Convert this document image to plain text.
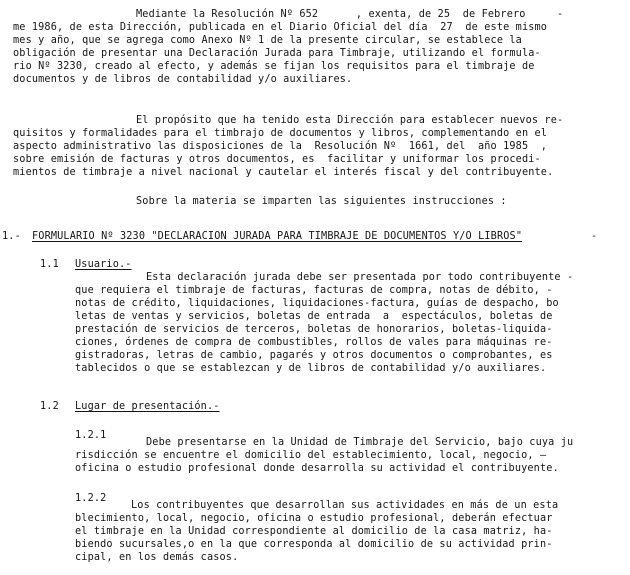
Mediante la Resolución Nº 652      , exenta, de 25  de Febrero     -

me 1986, de esta Dirección, publicada en el Diario Oficial del día  27  de este mismo

mes y año, que se agrega como Anexo Nº 1 de la presente circular, se establece la

obligación de presentar una Declaración Jurada para Timbraje, utilizando el formula-

rio Nº 3230, creado al efecto, y además se fijan los requisitos para el timbraje de

documentos y de libros de contabilidad y/o auxiliares.

El propósito que ha tenido esta Dirección para establecer nuevos re-

quisitos y formalidades para el timbrajo de documentos y libros, complementando en el

aspecto administrativo las disposiciones de la  Resolución Nº  1661, del  año 1985  ,

sobre emisión de facturas y otros documentos, es  facilitar y uniformar los procedi-

mientos de timbraje a nivel nacional y cautelar el interés fiscal y del contribuyente.

Sobre la materia se imparten las siguientes instrucciones :

1.- FORMULARIO Nº 3230 "DECLARACION JURADA PARA TIMBRAJE DE DOCUMENTOS Y/O LIBROS"	-
1.1 Usuario.-

Esta declaración jurada debe ser presentada por todo contribuyente -

que requiera el timbraje de facturas, facturas de compra, notas de débito, -

notas de crédito, liquidaciones, liquidaciones-factura, guías de despacho, bo

letas de ventas y servicios, boletas de entrada  a  espectáculos, boletas de

prestación de servicios de terceros, boletas de honorarios, boletas-liquida-

ciones, órdenes de compra de combustibles, rollos de vales para máquinas re-

gistradoras, letras de cambio, pagarés y otros documentos o comprobantes, es

tablecidos o que se establezcan y de libros de contabilidad y/o auxiliares.

1.2 Lugar de presentación.-
1.2.1

Debe presentarse en la Unidad de Timbraje del Servicio, bajo cuya ju

risdicción se encuentre el domicilio del establecimiento, local, negocio, —

oficina o estudio profesional donde desarrolla su actividad el contribuyente.

1.2.2

Los contribuyentes que desarrollan sus actividades en más de un esta

blecimiento, local, negocio, oficina o estudio profesional, deberán efectuar

el timbraje en la Unidad correspondiente al domicilio de la casa matriz, ha-

biendo sucursales,o en la que corresponda al domicilio de su actividad prin-

cipal, en los demás casos.
